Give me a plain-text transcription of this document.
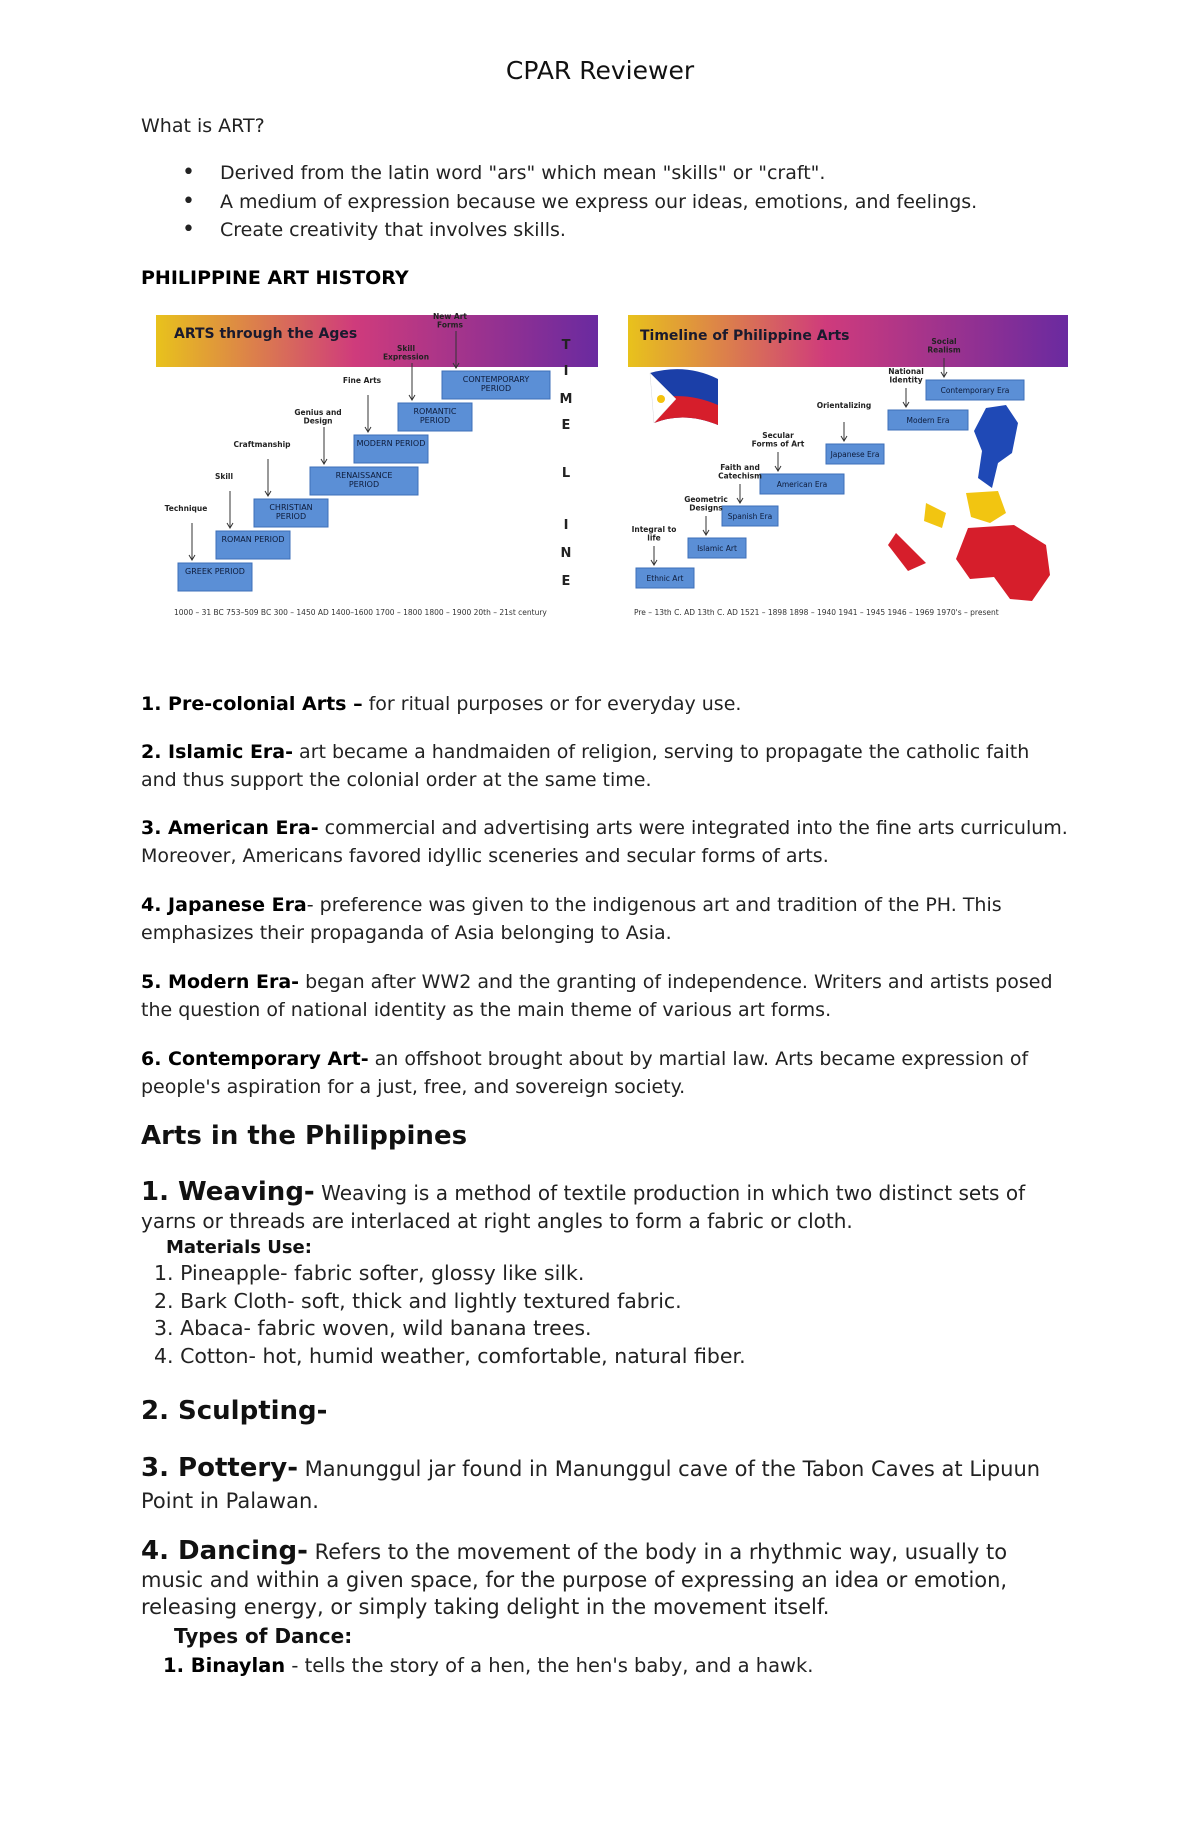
CPAR Reviewer
What is ART?
• Derived from the latin word "ars" which mean "skills" or "craft".
• A medium of expression because we express our ideas, emotions, and feelings.
• Create creativity that involves skills.
PHILIPPINE ART HISTORY
ARTS through the Ages
GREEK PERIOD
ROMAN PERIOD
CHRISTIAN PERIOD
RENAISSANCE PERIOD
MODERN PERIOD
ROMANTIC PERIOD
CONTEMPORARY PERIOD
Technique
Skill
Craftmanship
Genius and Design
Fine Arts
Skill Expression
New Art Forms
T
I
M
E
L
I
N
E
1000 – 31 BC 753–509 BC 300 – 1450 AD 1400–1600 1700 – 1800 1800 – 1900 20th – 21st century
Timeline of Philippine Arts
Ethnic Art
Islamic Art
Spanish Era
American Era
Japanese Era
Modern Era
Contemporary Era
Integral to life
Geometric Designs
Faith and Catechism
Secular Forms of Art
Orientalizing
National Identity
Social Realism
Pre – 13th C. AD 13th C. AD 1521 – 1898 1898 – 1940 1941 – 1945 1946 – 1969 1970's – present
1. Pre-colonial Arts – for ritual purposes or for everyday use.
2. Islamic Era- art became a handmaiden of religion, serving to propagate the catholic faith and thus support the colonial order at the same time.
3. American Era- commercial and advertising arts were integrated into the fine arts curriculum. Moreover, Americans favored idyllic sceneries and secular forms of arts.
4. Japanese Era- preference was given to the indigenous art and tradition of the PH. This emphasizes their propaganda of Asia belonging to Asia.
5. Modern Era- began after WW2 and the granting of independence. Writers and artists posed the question of national identity as the main theme of various art forms.
6. Contemporary Art- an offshoot brought about by martial law. Arts became expression of people's aspiration for a just, free, and sovereign society.
Arts in the Philippines
1. Weaving- Weaving is a method of textile production in which two distinct sets of yarns or threads are interlaced at right angles to form a fabric or cloth.
Materials Use:
1. Pineapple- fabric softer, glossy like silk.
2. Bark Cloth- soft, thick and lightly textured fabric.
3. Abaca- fabric woven, wild banana trees.
4. Cotton- hot, humid weather, comfortable, natural fiber.
2. Sculpting-
3. Pottery- Manunggul jar found in Manunggul cave of the Tabon Caves at Lipuun Point in Palawan.
4. Dancing- Refers to the movement of the body in a rhythmic way, usually to music and within a given space, for the purpose of expressing an idea or emotion, releasing energy, or simply taking delight in the movement itself.
Types of Dance:
1. Binaylan - tells the story of a hen, the hen's baby, and a hawk.
